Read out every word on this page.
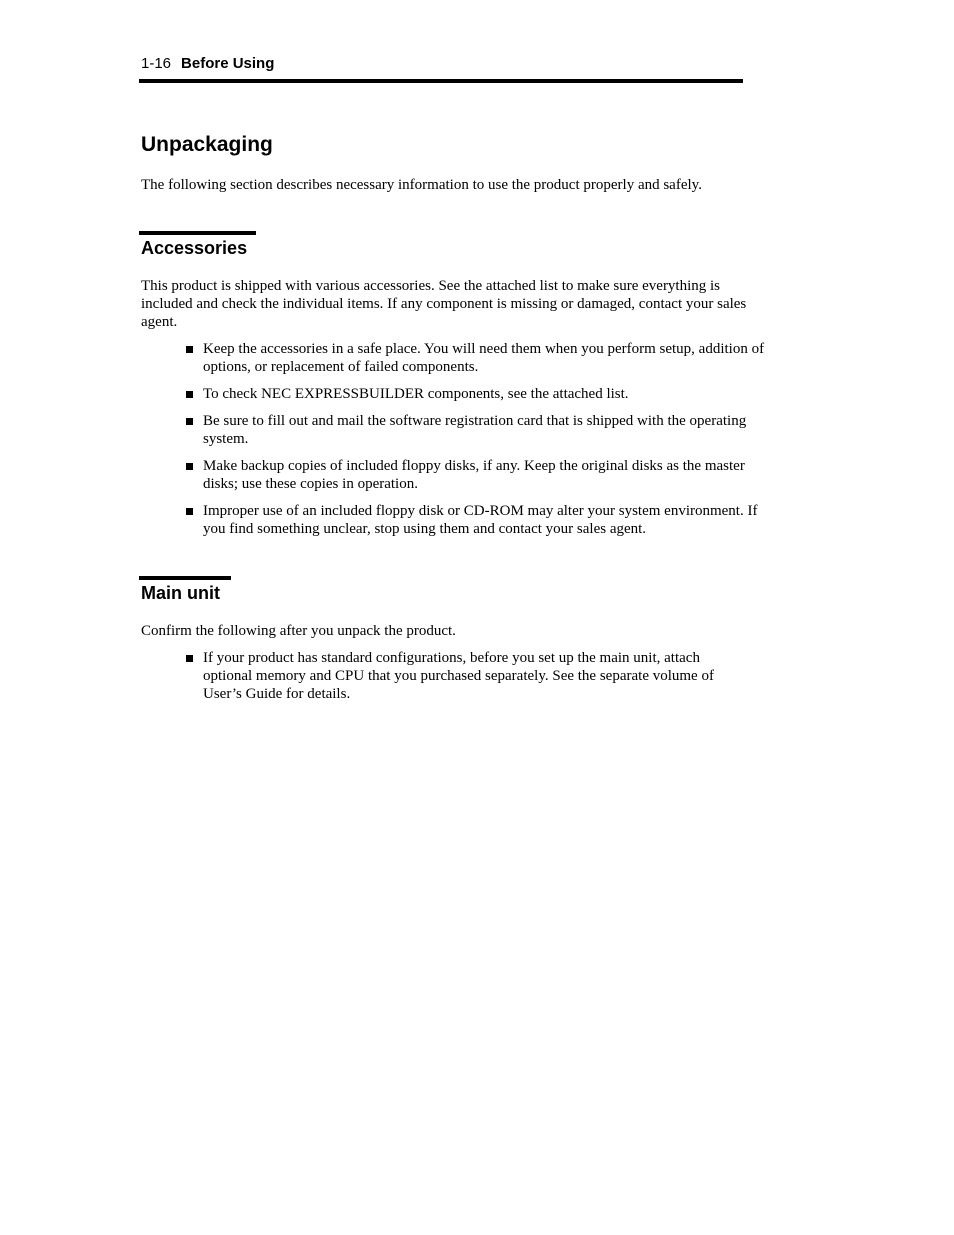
1-16 Before Using
Unpackaging

The following section describes necessary information to use the product properly and safely.

Accessories

This product is shipped with various accessories. See the attached list to make sure everything is included and check the individual items. If any component is missing or damaged, contact your sales agent.

Keep the accessories in a safe place. You will need them when you perform setup, addition of options, or replacement of failed components.
To check NEC EXPRESSBUILDER components, see the attached list.
Be sure to fill out and mail the software registration card that is shipped with the operating system.
Make backup copies of included floppy disks, if any. Keep the original disks as the master disks; use these copies in operation.
Improper use of an included floppy disk or CD-ROM may alter your system environment. If you find something unclear, stop using them and contact your sales agent.
Main unit

Confirm the following after you unpack the product.

If your product has standard configurations, before you set up the main unit, attach optional memory and CPU that you purchased separately. See the separate volume of User’s Guide for details.
